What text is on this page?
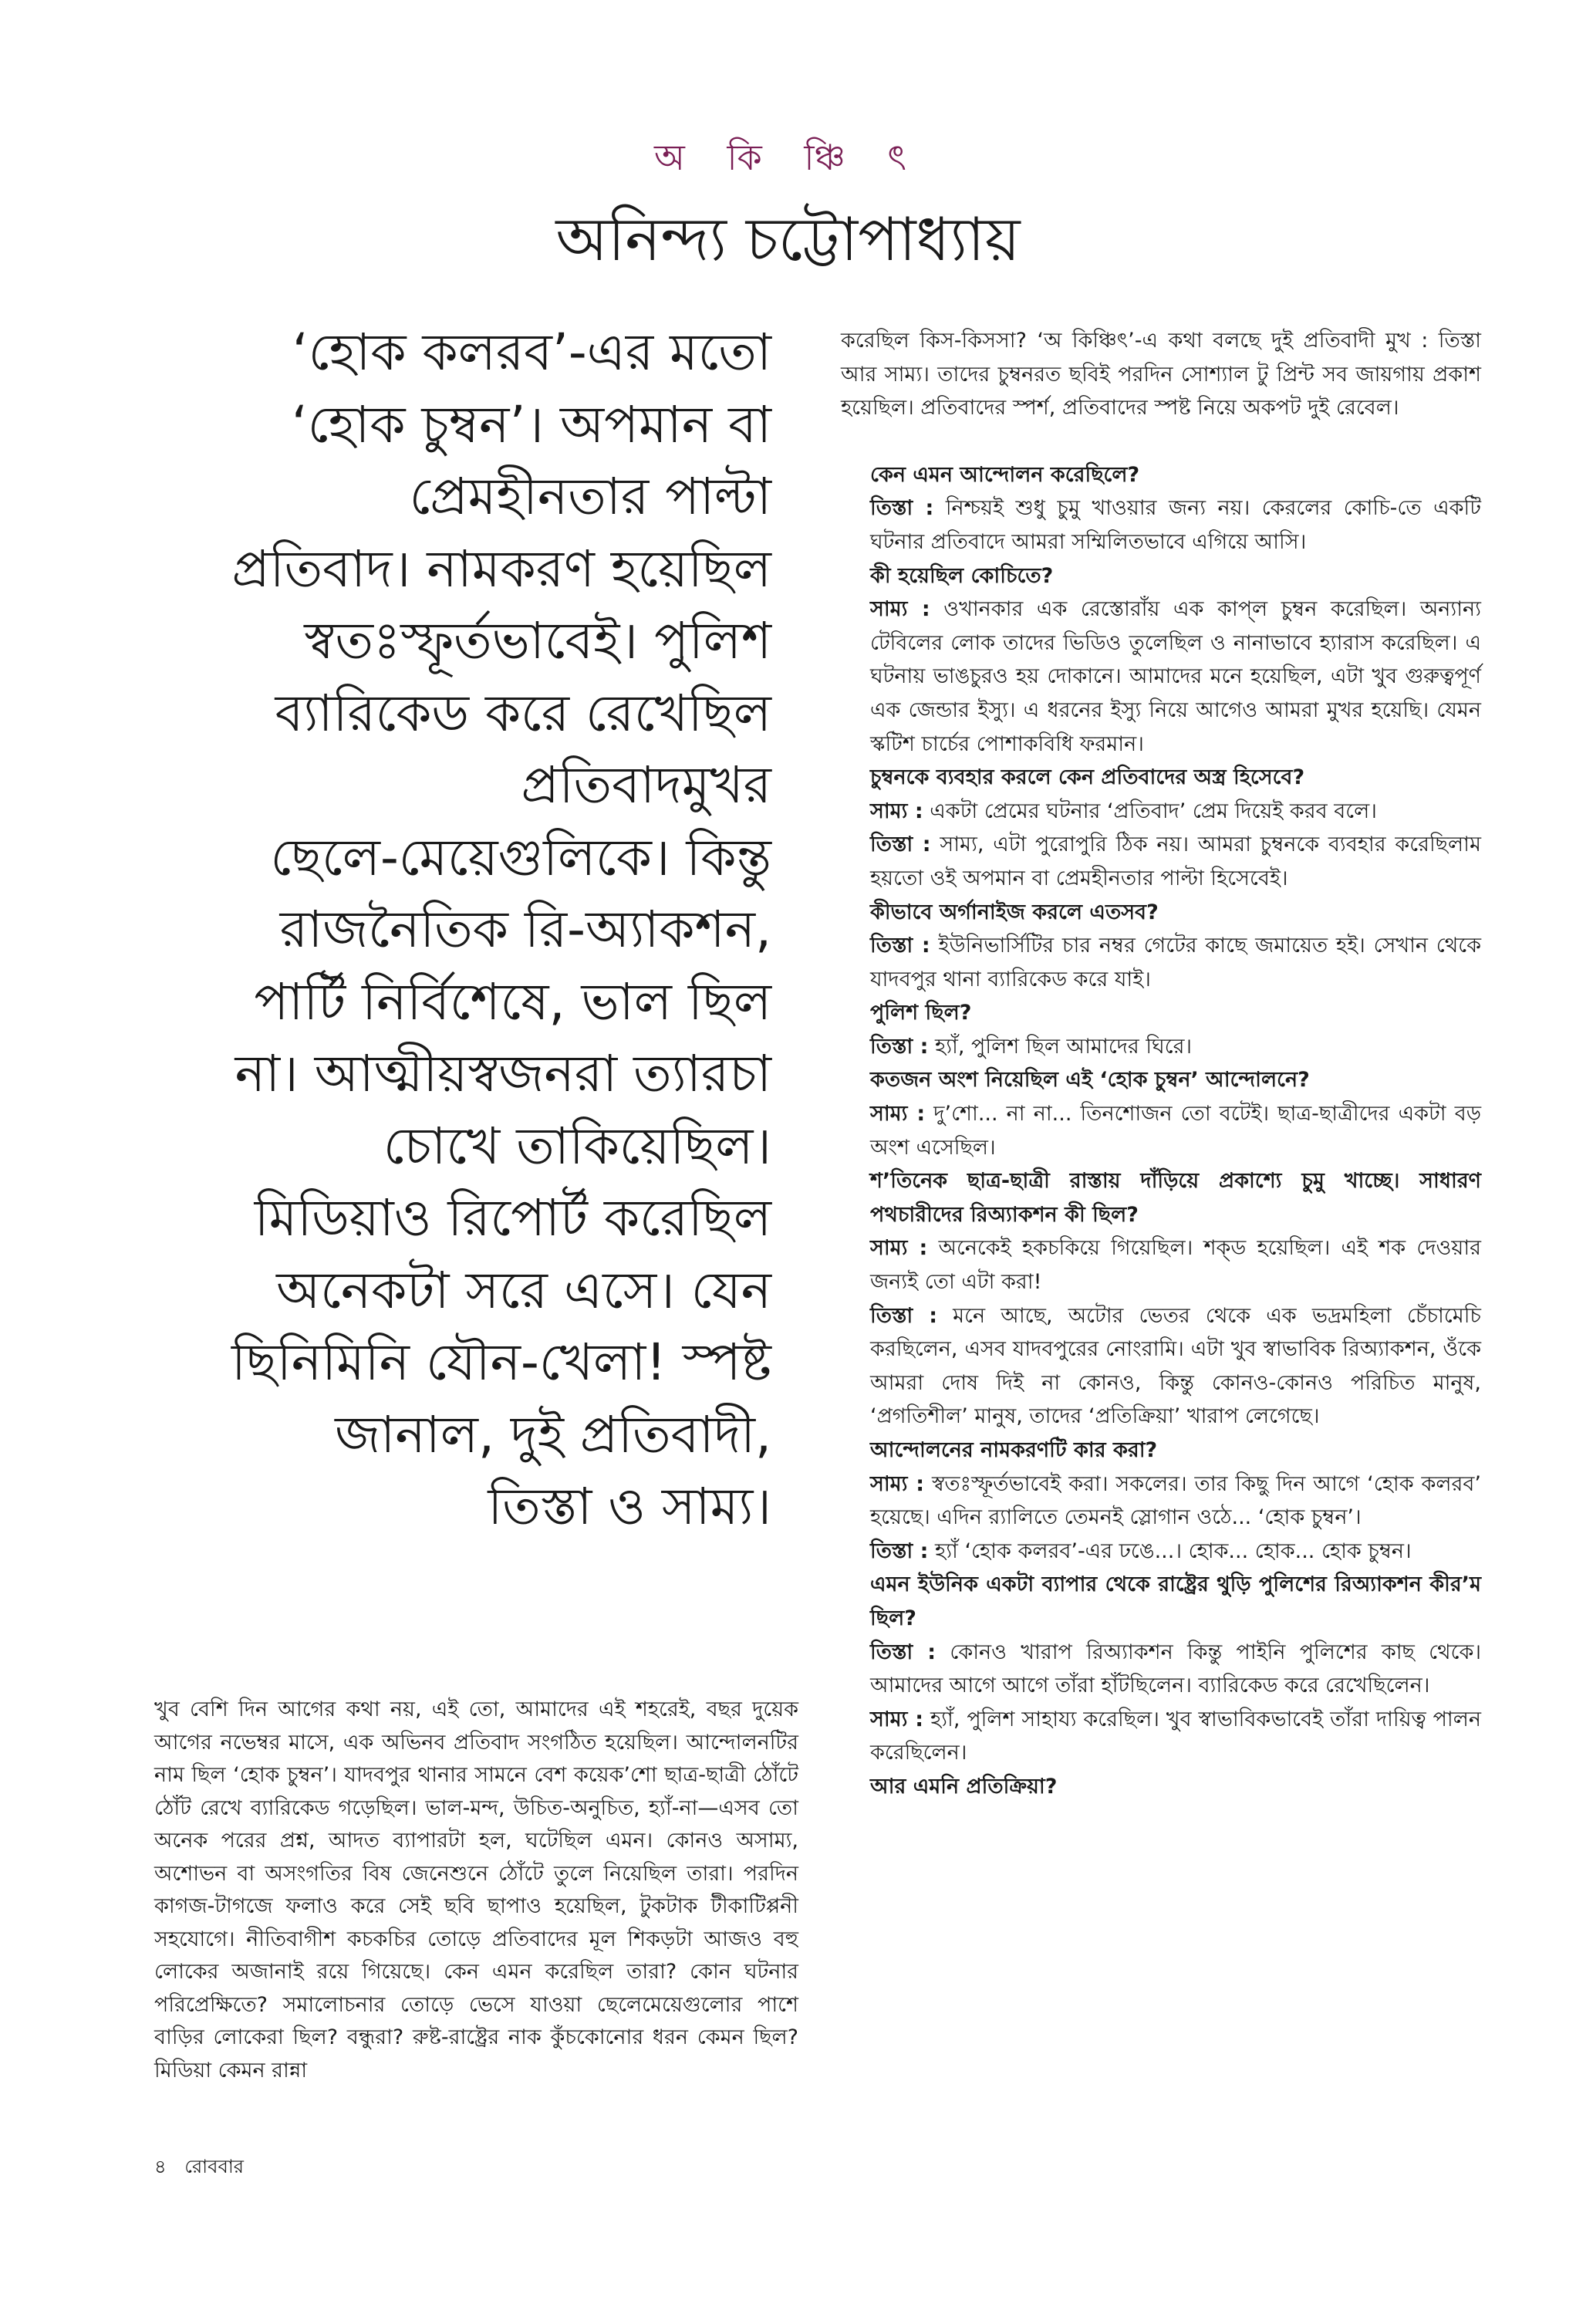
অ কি ঞ্চি ৎ
অনিন্দ্য চট্টোপাধ্যায়
‘হোক কলরব’-এর মতো
‘হোক চুম্বন’। অপমান বা
প্রেমহীনতার পাল্টা
প্রতিবাদ। নামকরণ হয়েছিল
স্বতঃস্ফূর্তভাবেই। পুলিশ
ব্যারিকেড করে রেখেছিল
প্রতিবাদমুখর
ছেলে-মেয়েগুলিকে। কিন্তু
রাজনৈতিক রি-অ্যাকশন,
পার্টি নির্বিশেষে, ভাল ছিল
না। আত্মীয়স্বজনরা ত্যারচা
চোখে তাকিয়েছিল।
মিডিয়াও রিপোর্ট করেছিল
অনেকটা সরে এসে। যেন
ছিনিমিনি যৌন-খেলা! স্পষ্ট
জানাল, দুই প্রতিবাদী,
তিস্তা ও সাম্য।
খুব বেশি দিন আগের কথা নয়, এই তো, আমাদের এই শহরেই, বছর দুয়েক আগের নভেম্বর মাসে, এক অভিনব প্রতিবাদ সংগঠিত হয়েছিল। আন্দোলনটির নাম ছিল ‘হোক চুম্বন’। যাদবপুর থানার সামনে বেশ কয়েক’শো ছাত্র-ছাত্রী ঠোঁটে ঠোঁট রেখে ব্যারিকেড গড়েছিল। ভাল-মন্দ, উচিত-অনুচিত, হ্যাঁ-না—এসব তো অনেক পরের প্রশ্ন, আদত ব্যাপারটা হল, ঘটেছিল এমন। কোনও অসাম্য, অশোভন বা অসংগতির বিষ জেনেশুনে ঠোঁটে তুলে নিয়েছিল তারা। পরদিন কাগজ-টাগজে ফলাও করে সেই ছবি ছাপাও হয়েছিল, টুকটাক টীকাটিপ্পনী সহযোগে। নীতিবাগীশ কচকচির তোড়ে প্রতিবাদের মূল শিকড়টা আজও বহু লোকের অজানাই রয়ে গিয়েছে। কেন এমন করেছিল তারা? কোন ঘটনার পরিপ্রেক্ষিতে? সমালোচনার তোড়ে ভেসে যাওয়া ছেলেমেয়েগুলোর পাশে বাড়ির লোকেরা ছিল? বন্ধুরা? রুষ্ট-রাষ্ট্রের নাক কুঁচকোনোর ধরন কেমন ছিল? মিডিয়া কেমন রান্না

করেছিল কিস-কিসসা? ‘অ কিঞ্চিৎ’-এ কথা বলছে দুই প্রতিবাদী মুখ : তিস্তা আর সাম্য। তাদের চুম্বনরত ছবিই পরদিন সোশ্যাল টু প্রিন্ট সব জায়গায় প্রকাশ হয়েছিল। প্রতিবাদের স্পর্শ, প্রতিবাদের স্পষ্ট নিয়ে অকপট দুই রেবেল।

কেন এমন আন্দোলন করেছিলে?

তিস্তা : নিশ্চয়ই শুধু চুমু খাওয়ার জন্য নয়। কেরলের কোচি-তে একটি ঘটনার প্রতিবাদে আমরা সম্মিলিতভাবে এগিয়ে আসি।

কী হয়েছিল কোচিতে?

সাম্য : ওখানকার এক রেস্তোরাঁয় এক কাপ্‌ল চুম্বন করেছিল। অন্যান্য টেবিলের লোক তাদের ভিডিও তুলেছিল ও নানাভাবে হ্যারাস করেছিল। এ ঘটনায় ভাঙচুরও হয় দোকানে। আমাদের মনে হয়েছিল, এটা খুব গুরুত্বপূর্ণ এক জেন্ডার ইস্যু। এ ধরনের ইস্যু নিয়ে আগেও আমরা মুখর হয়েছি। যেমন স্কটিশ চার্চের পোশাকবিধি ফরমান।

চুম্বনকে ব্যবহার করলে কেন প্রতিবাদের অস্ত্র হিসেবে?

সাম্য : একটা প্রেমের ঘটনার ‘প্রতিবাদ’ প্রেম দিয়েই করব বলে।

তিস্তা : সাম্য, এটা পুরোপুরি ঠিক নয়। আমরা চুম্বনকে ব্যবহার করেছিলাম হয়তো ওই অপমান বা প্রেমহীনতার পাল্টা হিসেবেই।

কীভাবে অর্গানাইজ করলে এতসব?

তিস্তা : ইউনিভার্সিটির চার নম্বর গেটের কাছে জমায়েত হই। সেখান থেকে যাদবপুর থানা ব্যারিকেড করে যাই।

পুলিশ ছিল?

তিস্তা : হ্যাঁ, পুলিশ ছিল আমাদের ঘিরে।

কতজন অংশ নিয়েছিল এই ‘হোক চুম্বন’ আন্দোলনে?

সাম্য : দু’শো... না না... তিনশোজন তো বটেই। ছাত্র-ছাত্রীদের একটা বড় অংশ এসেছিল।

শ’তিনেক ছাত্র-ছাত্রী রাস্তায় দাঁড়িয়ে প্রকাশ্যে চুমু খাচ্ছে। সাধারণ পথচারীদের রিঅ্যাকশন কী ছিল?

সাম্য : অনেকেই হকচকিয়ে গিয়েছিল। শক্‌ড হয়েছিল। এই শক দেওয়ার জন্যই তো এটা করা!

তিস্তা : মনে আছে, অটোর ভেতর থেকে এক ভদ্রমহিলা চেঁচামেচি করছিলেন, এসব যাদবপুরের নোংরামি। এটা খুব স্বাভাবিক রিঅ্যাকশন, ওঁকে আমরা দোষ দিই না কোনও, কিন্তু কোনও-কোনও পরিচিত মানুষ, ‘প্রগতিশীল’ মানুষ, তাদের ‘প্রতিক্রিয়া’ খারাপ লেগেছে।

আন্দোলনের নামকরণটি কার করা?

সাম্য : স্বতঃস্ফূর্তভাবেই করা। সকলের। তার কিছু দিন আগে ‘হোক কলরব’ হয়েছে। এদিন র‍্যালিতে তেমনই স্লোগান ওঠে... ‘হোক চুম্বন’।

তিস্তা : হ্যাঁ ‘হোক কলরব’-এর ঢঙে...। হোক... হোক... হোক চুম্বন।

এমন ইউনিক একটা ব্যাপার থেকে রাষ্ট্রের থুড়ি পুলিশের রিঅ্যাকশন কীর’ম ছিল?

তিস্তা : কোনও খারাপ রিঅ্যাকশন কিন্তু পাইনি পুলিশের কাছ থেকে। আমাদের আগে আগে তাঁরা হাঁটছিলেন। ব্যারিকেড করে রেখেছিলেন।

সাম্য : হ্যাঁ, পুলিশ সাহায্য করেছিল। খুব স্বাভাবিকভাবেই তাঁরা দায়িত্ব পালন করেছিলেন।

আর এমনি প্রতিক্রিয়া?

৪ রোববার
